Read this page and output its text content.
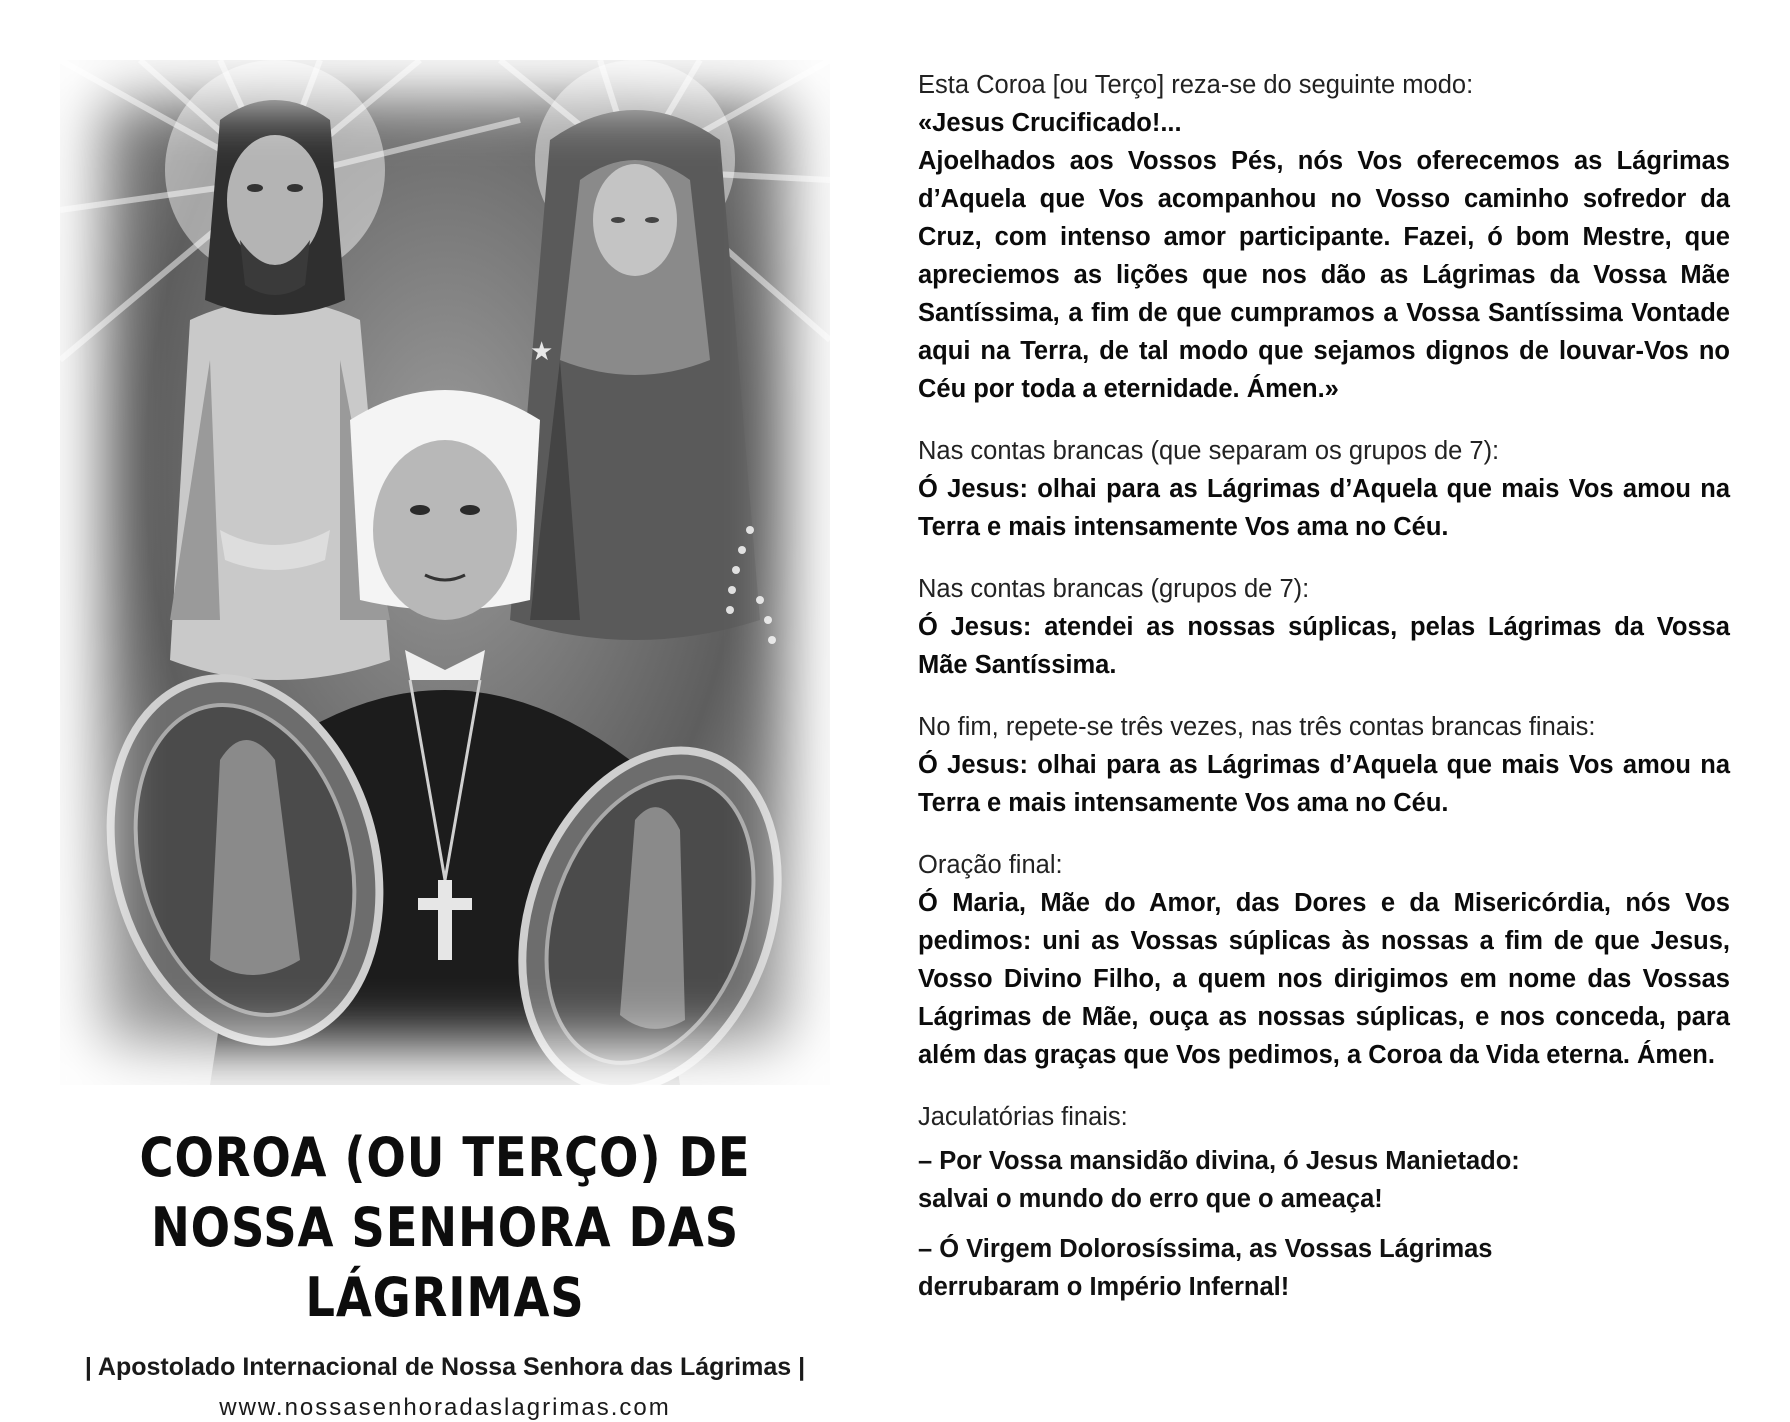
★
COROA (OU TERÇO) DE
NOSSA SENHORA DAS LÁGRIMAS
| Apostolado Internacional de Nossa Senhora das Lágrimas |
www.nossasenhoradaslagrimas.com

Esta Coroa [ou Terço] reza-se do seguinte modo:

«Jesus Crucificado!...

Ajoelhados aos Vossos Pés, nós Vos oferecemos as Lágrimas d’Aquela que Vos acompanhou no Vosso caminho sofredor da Cruz, com intenso amor participante. Fazei, ó bom Mestre, que apreciemos as lições que nos dão as Lágrimas da Vossa Mãe Santíssima, a fim de que cumpramos a Vossa Santíssima Vontade aqui na Terra, de tal modo que sejamos dignos de louvar-Vos no Céu por toda a eternidade. Ámen.»

Nas contas brancas (que separam os grupos de 7):

Ó Jesus: olhai para as Lágrimas d’Aquela que mais Vos amou na Terra e mais intensamente Vos ama no Céu.

Nas contas brancas (grupos de 7):

Ó Jesus: atendei as nossas súplicas, pelas Lágrimas da Vossa Mãe Santíssima.

No fim, repete-se três vezes, nas três contas brancas finais:

Ó Jesus: olhai para as Lágrimas d’Aquela que mais Vos amou na Terra e mais intensamente Vos ama no Céu.

Oração final:

Ó Maria, Mãe do Amor, das Dores e da Misericórdia, nós Vos pedimos: uni as Vossas súplicas às nossas a fim de que Jesus, Vosso Divino Filho, a quem nos dirigimos em nome das Vossas Lágrimas de Mãe, ouça as nossas súplicas, e nos conceda, para além das graças que Vos pedimos, a Coroa da Vida eterna. Ámen.

Jaculatórias finais:

– Por Vossa mansidão divina, ó Jesus Manietado:
salvai o mundo do erro que o ameaça!
– Ó Virgem Dolorosíssima, as Vossas Lágrimas
derrubaram o Império Infernal!
